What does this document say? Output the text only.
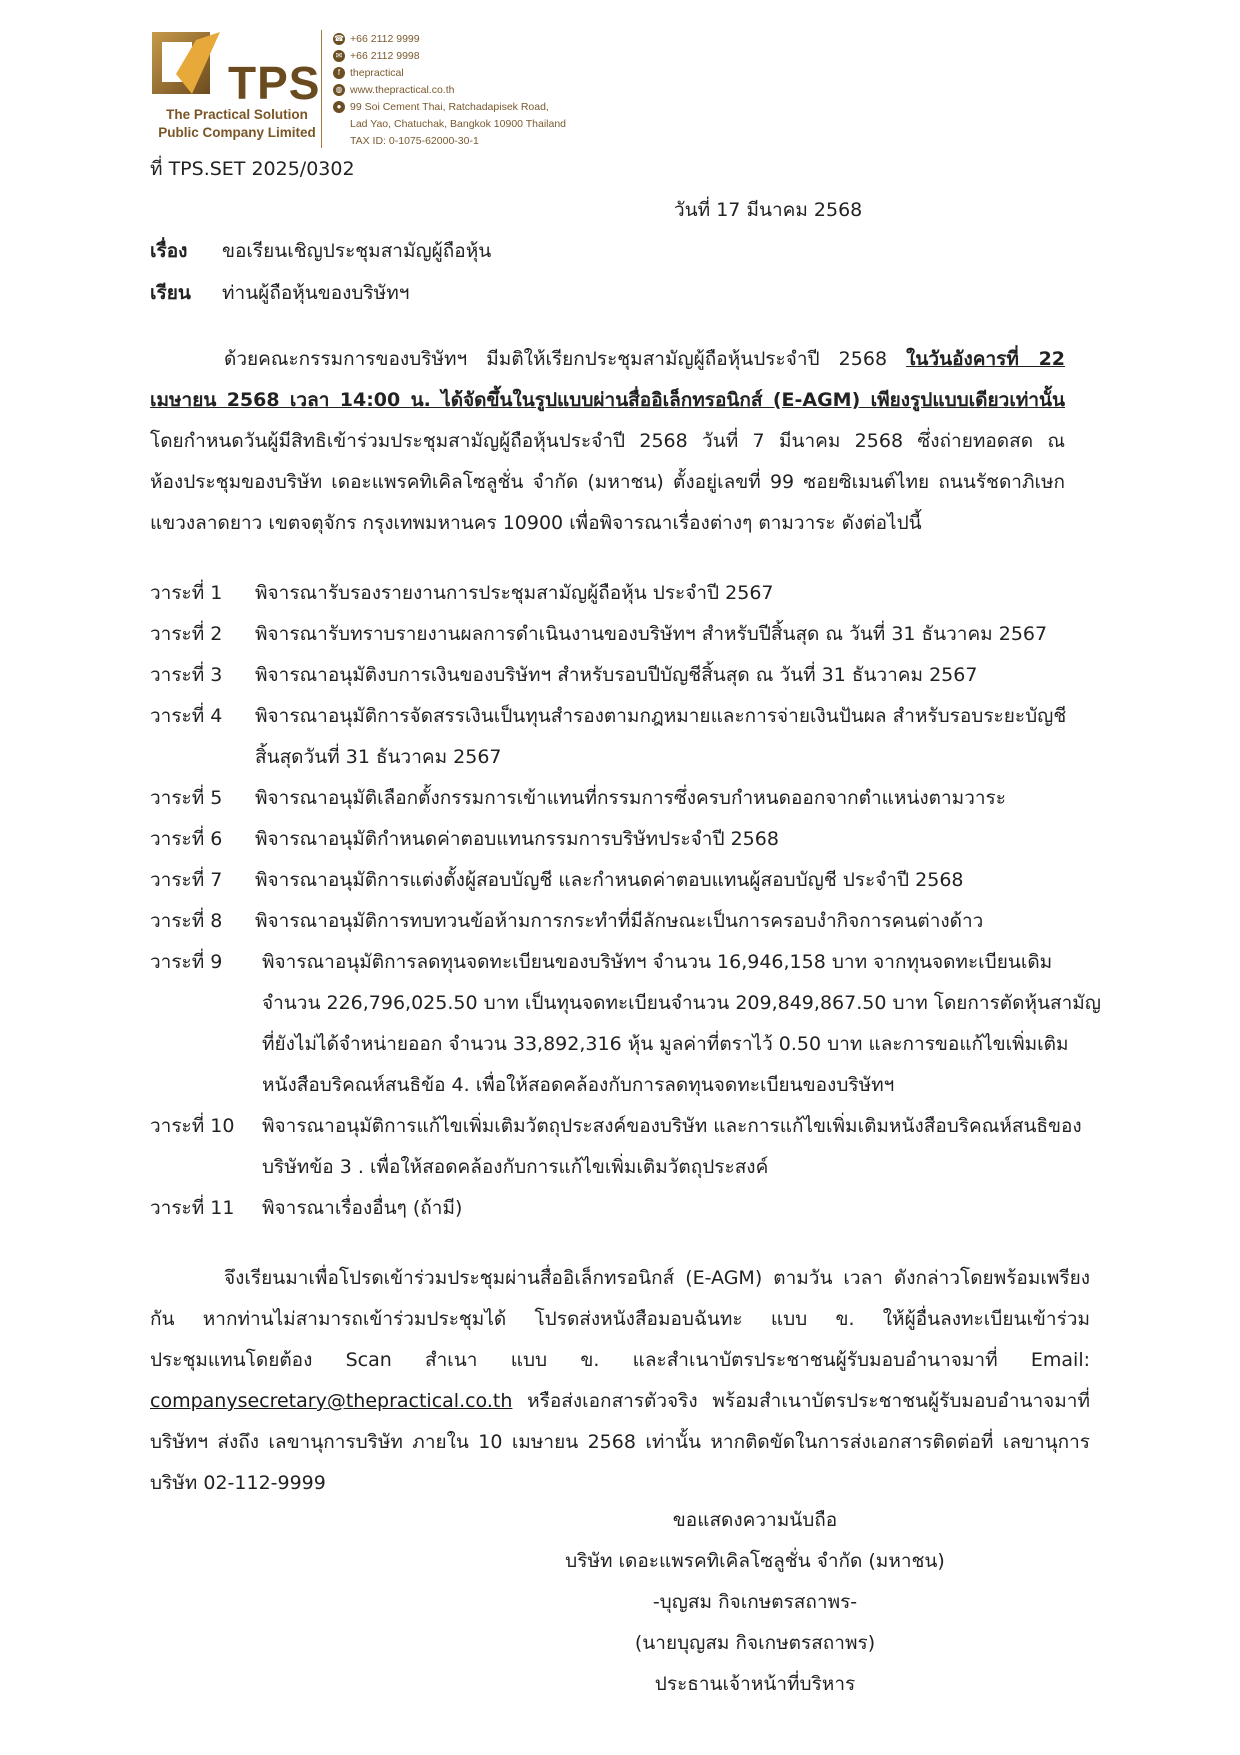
TPS
The Practical Solution
Public Company Limited
☎ +66 2112 9999
✉ +66 2112 9998
f thepractical
◍ www.thepractical.co.th
● 99 Soi Cement Thai, Ratchadapisek Road,
Lad Yao, Chatuchak, Bangkok 10900 Thailand
TAX ID: 0-1075-62000-30-1
ที่ TPS.SET 2025/0302
วันที่ 17 มีนาคม 2568
เรื่อง ขอเรียนเชิญประชุมสามัญผู้ถือหุ้น
เรียน ท่านผู้ถือหุ้นของบริษัทฯ
ด้วยคณะกรรมการของบริษัทฯ มีมติให้เรียกประชุมสามัญผู้ถือหุ้นประจำปี 2568 ในวันอังคารที่ 22
เมษายน 2568 เวลา 14:00 น. ได้จัดขึ้นในรูปแบบผ่านสื่ออิเล็กทรอนิกส์ (E-AGM) เพียงรูปแบบเดียวเท่านั้น
โดยกำหนดวันผู้มีสิทธิเข้าร่วมประชุมสามัญผู้ถือหุ้นประจำปี 2568 วันที่ 7 มีนาคม 2568 ซึ่งถ่ายทอดสด ณ
ห้องประชุมของบริษัท เดอะแพรคทิเคิลโซลูชั่น จำกัด (มหาชน) ตั้งอยู่เลขที่ 99 ซอยซิเมนต์ไทย ถนนรัชดาภิเษก
แขวงลาดยาว เขตจตุจักร กรุงเทพมหานคร 10900 เพื่อพิจารณาเรื่องต่างๆ ตามวาระ ดังต่อไปนี้
วาระที่ 1 พิจารณารับรองรายงานการประชุมสามัญผู้ถือหุ้น ประจำปี 2567
วาระที่ 2 พิจารณารับทราบรายงานผลการดำเนินงานของบริษัทฯ สำหรับปีสิ้นสุด ณ วันที่ 31 ธันวาคม 2567
วาระที่ 3 พิจารณาอนุมัติงบการเงินของบริษัทฯ สำหรับรอบปีบัญชีสิ้นสุด ณ วันที่ 31 ธันวาคม 2567
วาระที่ 4 พิจารณาอนุมัติการจัดสรรเงินเป็นทุนสำรองตามกฎหมายและการจ่ายเงินปันผล สำหรับรอบระยะบัญชี
สิ้นสุดวันที่ 31 ธันวาคม 2567
วาระที่ 5 พิจารณาอนุมัติเลือกตั้งกรรมการเข้าแทนที่กรรมการซึ่งครบกำหนดออกจากตำแหน่งตามวาระ
วาระที่ 6 พิจารณาอนุมัติกำหนดค่าตอบแทนกรรมการบริษัทประจำปี 2568
วาระที่ 7 พิจารณาอนุมัติการแต่งตั้งผู้สอบบัญชี และกำหนดค่าตอบแทนผู้สอบบัญชี ประจำปี 2568
วาระที่ 8 พิจารณาอนุมัติการทบทวนข้อห้ามการกระทำที่มีลักษณะเป็นการครอบงำกิจการคนต่างด้าว
วาระที่ 9 พิจารณาอนุมัติการลดทุนจดทะเบียนของบริษัทฯ จำนวน 16,946,158 บาท จากทุนจดทะเบียนเดิม
จำนวน 226,796,025.50 บาท เป็นทุนจดทะเบียนจำนวน 209,849,867.50 บาท โดยการตัดหุ้นสามัญ
ที่ยังไม่ได้จำหน่ายออก จำนวน 33,892,316 หุ้น มูลค่าที่ตราไว้ 0.50 บาท และการขอแก้ไขเพิ่มเติม
หนังสือบริคณห์สนธิข้อ 4. เพื่อให้สอดคล้องกับการลดทุนจดทะเบียนของบริษัทฯ
วาระที่ 10 พิจารณาอนุมัติการแก้ไขเพิ่มเติมวัตถุประสงค์ของบริษัท และการแก้ไขเพิ่มเติมหนังสือบริคณห์สนธิของ
บริษัทข้อ 3 . เพื่อให้สอดคล้องกับการแก้ไขเพิ่มเติมวัตถุประสงค์
วาระที่ 11 พิจารณาเรื่องอื่นๆ (ถ้ามี)
จึงเรียนมาเพื่อโปรดเข้าร่วมประชุมผ่านสื่ออิเล็กทรอนิกส์ (E-AGM) ตามวัน เวลา ดังกล่าวโดยพร้อมเพรียง
กัน หากท่านไม่สามารถเข้าร่วมประชุมได้ โปรดส่งหนังสือมอบฉันทะ แบบ ข. ให้ผู้อื่นลงทะเบียนเข้าร่วม
ประชุมแทนโดยต้อง Scan สำเนา แบบ ข. และสำเนาบัตรประชาชนผู้รับมอบอำนาจมาที่ Email:
companysecretary@thepractical.co.th หรือส่งเอกสารตัวจริง พร้อมสำเนาบัตรประชาชนผู้รับมอบอำนาจมาที่
บริษัทฯ ส่งถึง เลขานุการบริษัท ภายใน 10 เมษายน 2568 เท่านั้น หากติดขัดในการส่งเอกสารติดต่อที่ เลขานุการ
บริษัท 02-112-9999
ขอแสดงความนับถือ
บริษัท เดอะแพรคทิเคิลโซลูชั่น จำกัด (มหาชน)
-บุญสม กิจเกษตรสถาพร-
(นายบุญสม กิจเกษตรสถาพร)
ประธานเจ้าหน้าที่บริหาร
